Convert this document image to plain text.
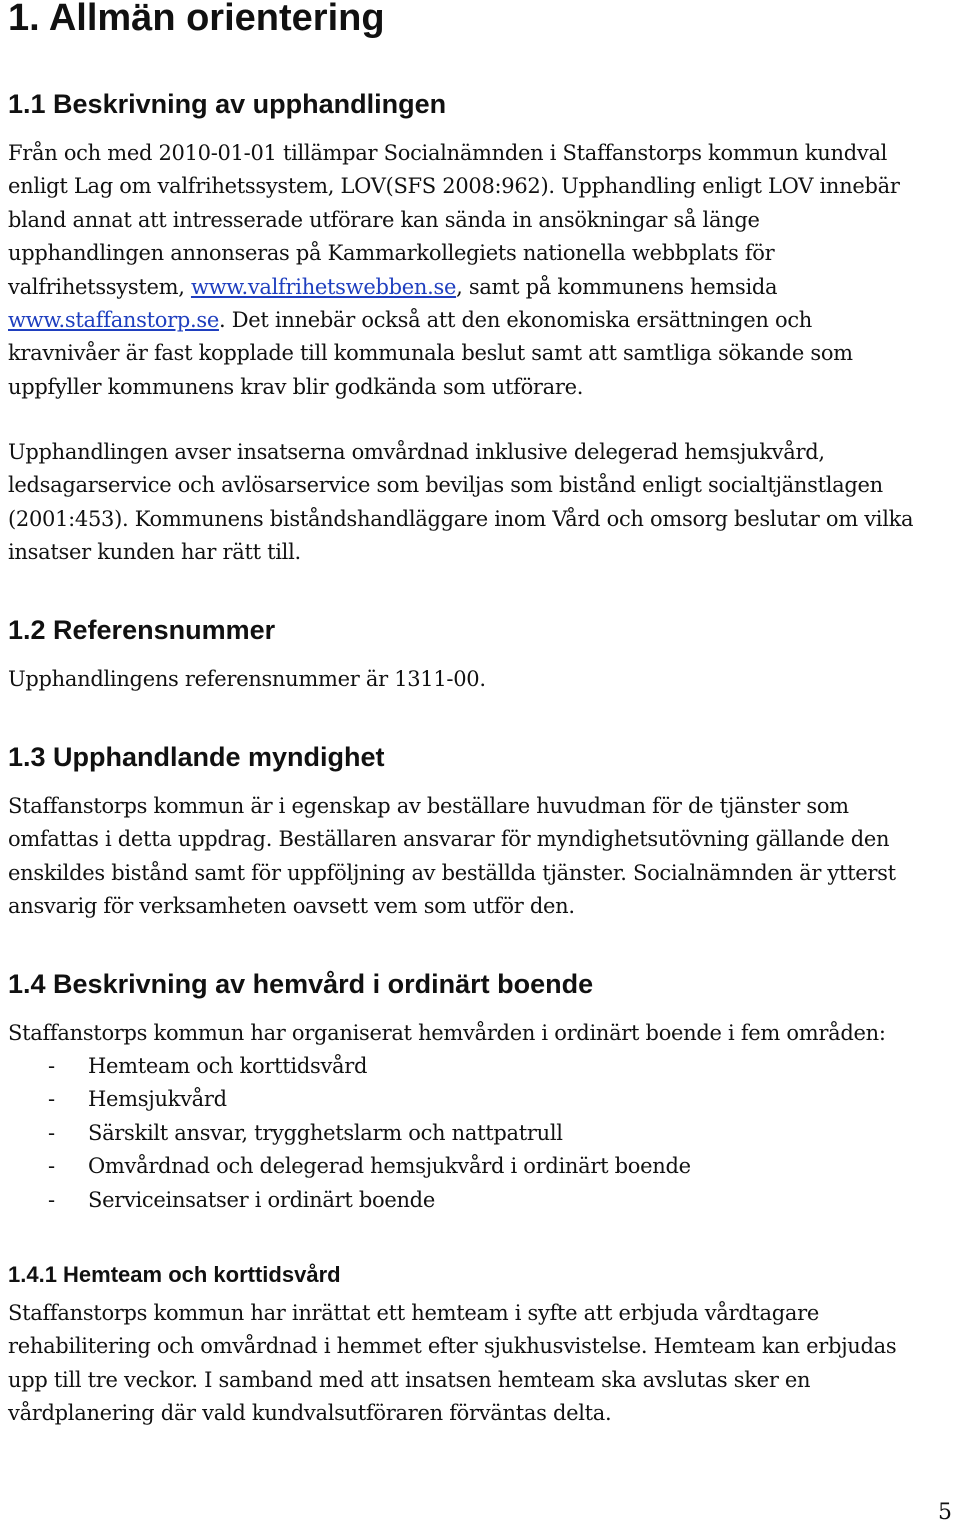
1. Allmän orientering
1.1 Beskrivning av upphandlingen

Från och med 2010-01-01 tillämpar Socialnämnden i Staffanstorps kommun kundval
enligt Lag om valfrihetssystem, LOV(SFS 2008:962). Upphandling enligt LOV innebär
bland annat att intresserade utförare kan sända in ansökningar så länge
upphandlingen annonseras på Kammarkollegiets nationella webbplats för
valfrihetssystem, www.valfrihetswebben.se, samt på kommunens hemsida
www.staffanstorp.se. Det innebär också att den ekonomiska ersättningen och
kravnivåer är fast kopplade till kommunala beslut samt att samtliga sökande som
uppfyller kommunens krav blir godkända som utförare.

Upphandlingen avser insatserna omvårdnad inklusive delegerad hemsjukvård,
ledsagarservice och avlösarservice som beviljas som bistånd enligt socialtjänstlagen
(2001:453). Kommunens biståndshandläggare inom Vård och omsorg beslutar om vilka
insatser kunden har rätt till.

1.2 Referensnummer

Upphandlingens referensnummer är 1311-00.

1.3 Upphandlande myndighet

Staffanstorps kommun är i egenskap av beställare huvudman för de tjänster som
omfattas i detta uppdrag. Beställaren ansvarar för myndighetsutövning gällande den
enskildes bistånd samt för uppföljning av beställda tjänster. Socialnämnden är ytterst
ansvarig för verksamheten oavsett vem som utför den.

1.4 Beskrivning av hemvård i ordinärt boende

Staffanstorps kommun har organiserat hemvården i ordinärt boende i fem områden:

- Hemteam och korttidsvård
- Hemsjukvård
- Särskilt ansvar, trygghetslarm och nattpatrull
- Omvårdnad och delegerad hemsjukvård i ordinärt boende
- Serviceinsatser i ordinärt boende
1.4.1 Hemteam och korttidsvård

Staffanstorps kommun har inrättat ett hemteam i syfte att erbjuda vårdtagare
rehabilitering och omvårdnad i hemmet efter sjukhusvistelse. Hemteam kan erbjudas
upp till tre veckor. I samband med att insatsen hemteam ska avslutas sker en
vårdplanering där vald kundvalsutföraren förväntas delta.

5
